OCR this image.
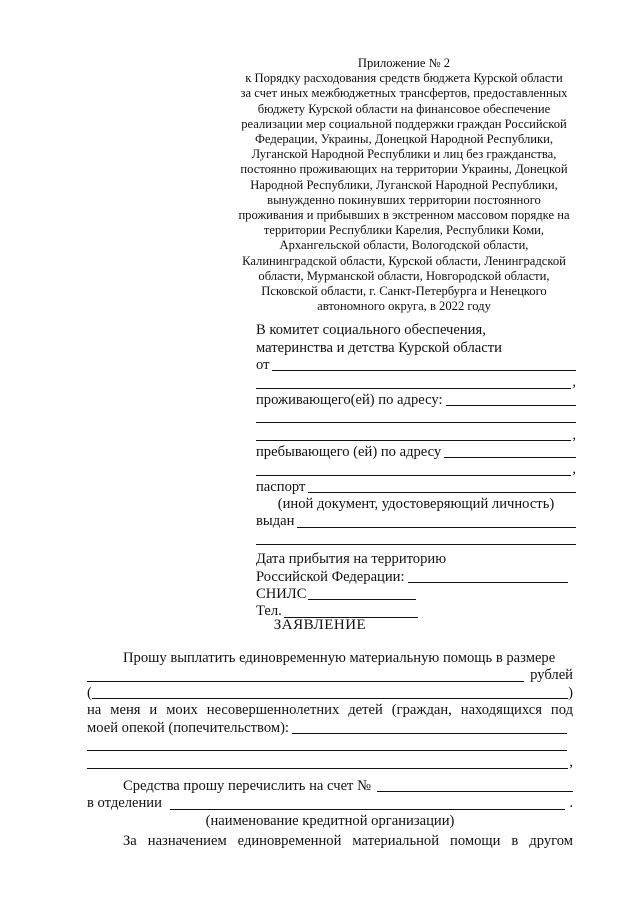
Приложение № 2
к Порядку расходования средств бюджета Курской области
за счет иных межбюджетных трансфертов, предоставленных
бюджету Курской области на финансовое обеспечение
реализации мер социальной поддержки граждан Российской
Федерации, Украины, Донецкой Народной Республики,
Луганской Народной Республики и лиц без гражданства,
постоянно проживающих на территории Украины, Донецкой
Народной Республики, Луганской Народной Республики,
вынужденно покинувших территории постоянного
проживания и прибывших в экстренном массовом порядке на
территории Республики Карелия, Республики Коми,
Архангельской области, Вологодской области,
Калининградской области, Курской области, Ленинградской
области, Мурманской области, Новгородской области,
Псковской области, г. Санкт-Петербурга и Ненецкого
автономного округа, в 2022 году
В комитет социального обеспечения,
материнства и детства Курской области
от
,
проживающего(ей) по адресу:
,
пребывающего (ей) по адресу
,
паспорт
(иной документ, удостоверяющий личность)
выдан
Дата прибытия на территорию
Российской Федерации:
СНИЛС
Тел.
ЗАЯВЛЕНИЕ
Прошу выплатить единовременную материальную помощь в размере
рублей
(	)
на меня и моих несовершеннолетних детей (граждан, находящихся под
моей опекой (попечительством):
,
Средства прошу перечислить на счет №
в отделении	.
(наименование кредитной организации)
За назначением единовременной материальной помощи в другом
